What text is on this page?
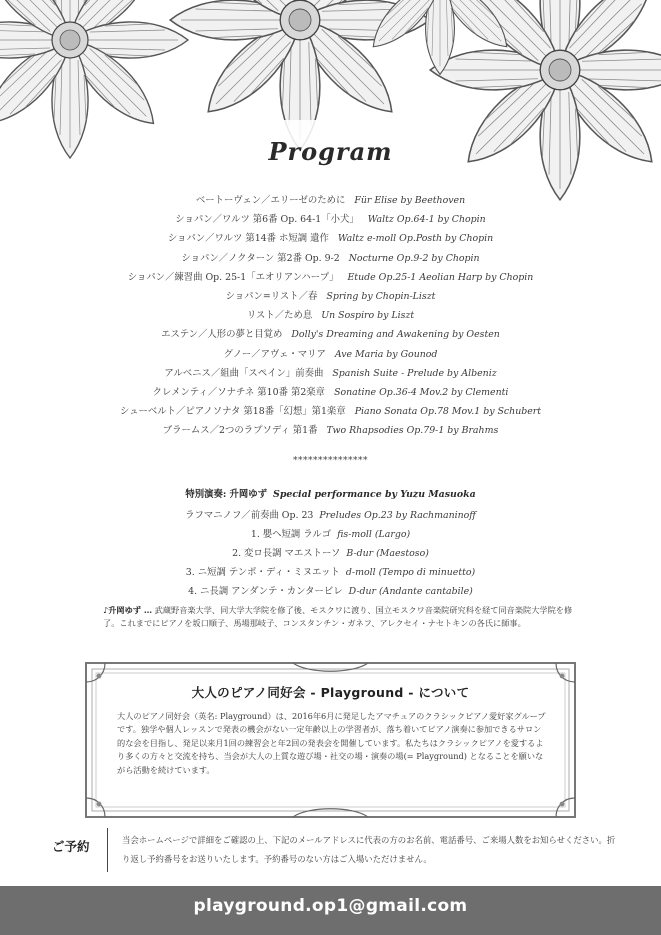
Program
ベートーヴェン／エリーゼのために Für Elise by Beethoven
ショパン／ワルツ 第6番 Op. 64-1「小犬」 Waltz Op.64-1 by Chopin
ショパン／ワルツ 第14番 ホ短調 遺作 Waltz e-moll Op.Posth by Chopin
ショパン／ノクターン 第2番 Op. 9-2 Nocturne Op.9-2 by Chopin
ショパン／練習曲 Op. 25-1「エオリアンハープ」 Etude Op.25-1 Aeolian Harp by Chopin
ショパン=リスト／春 Spring by Chopin-Liszt
リスト／ため息 Un Sospiro by Liszt
エステン／人形の夢と目覚め Dolly's Dreaming and Awakening by Oesten
グノー／アヴェ・マリア Ave Maria by Gounod
アルベニス／組曲「スペイン」前奏曲 Spanish Suite - Prelude by Albeniz
クレメンティ／ソナチネ 第10番 第2楽章 Sonatine Op.36-4 Mov.2 by Clementi
シューベルト／ピアノソナタ 第18番「幻想」第1楽章 Piano Sonata Op.78 Mov.1 by Schubert
ブラームス／2つのラプソディ 第1番 Two Rhapsodies Op.79-1 by Brahms
***************
特別演奏: 升岡ゆず Special performance by Yuzu Masuoka
ラフマニノフ／前奏曲 Op. 23 Preludes Op.23 by Rachmaninoff
1. 嬰ヘ短調 ラルゴ fis-moll (Largo)
2. 変ロ長調 マエストーソ B-dur (Maestoso)
3. ニ短調 テンポ・ディ・ミヌエット d-moll (Tempo di minuetto)
4. ニ長調 アンダンテ・カンタービレ D-dur (Andante cantabile)
♪升岡ゆず … 武蔵野音楽大学、同大学大学院を修了後、モスクワに渡り、国立モスクワ音楽院研究科を経て同音楽院大学院を修了。これまでにピアノを坂口順子、馬場那岐子、コンスタンチン・ガネフ、アレクセイ・ナセトキンの各氏に師事。
大人のピアノ同好会 - Playground - について
大人のピアノ同好会（英名: Playground）は、2016年6月に発足したアマチュアのクラシックピアノ愛好家グループです。独学や個人レッスンで発表の機会がない一定年齢以上の学習者が、落ち着いてピアノ演奏に参加できるサロン的な会を目指し、発足以来月1回の練習会と年2回の発表会を開催しています。私たちはクラシックピアノを愛するより多くの方々と交流を持ち、当会が大人の上質な遊び場・社交の場・演奏の場(= Playground) となることを願いながら活動を続けています。
ご予約	当会ホームページで詳細をご確認の上、下記のメールアドレスに代表の方のお名前、電話番号、ご来場人数をお知らせください。折り返し予約番号をお送りいたします。予約番号のない方はご入場いただけません。
playground.op1@gmail.com
